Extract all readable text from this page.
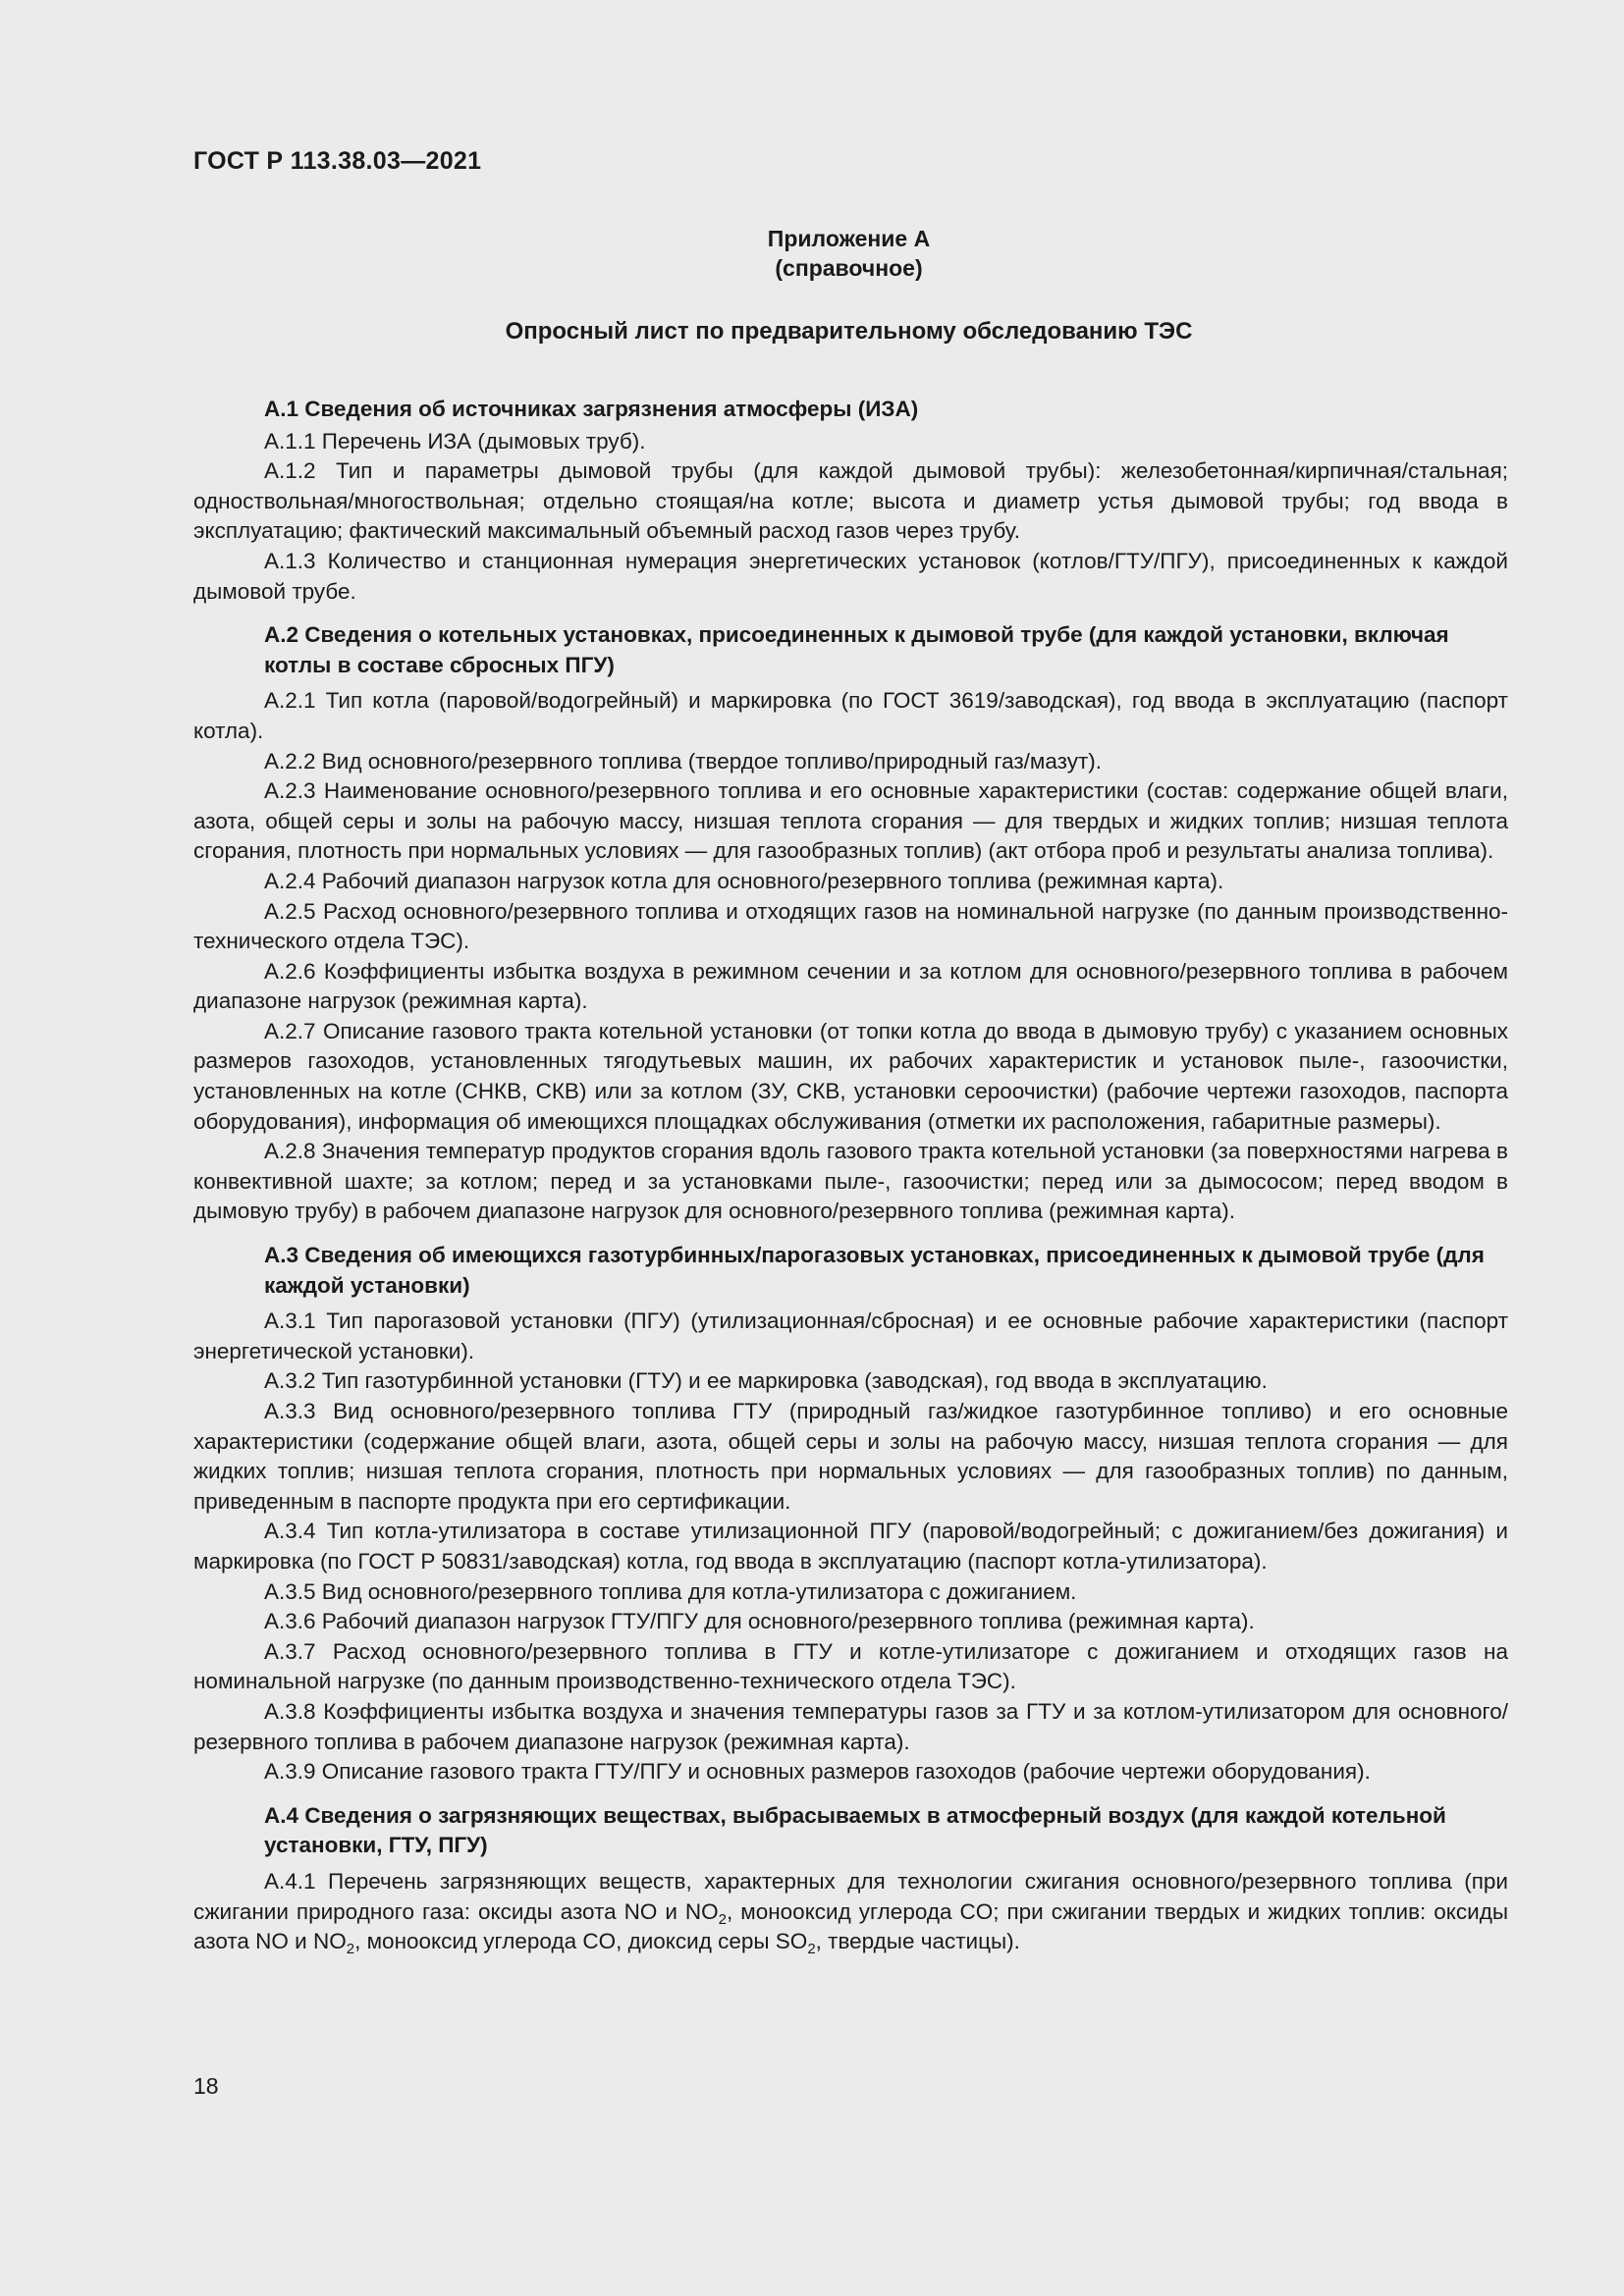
ГОСТ Р 113.38.03—2021
Приложение А
(справочное)
Опросный лист по предварительному обследованию ТЭС
А.1 Сведения об источниках загрязнения атмосферы (ИЗА)

А.1.1 Перечень ИЗА (дымовых труб).

А.1.2 Тип и параметры дымовой трубы (для каждой дымовой трубы): железобетонная/кирпичная/стальная; одноствольная/многоствольная; отдельно стоящая/на котле; высота и диаметр устья дымовой трубы; год ввода в эксплуатацию; фактический максимальный объемный расход газов через трубу.

А.1.3 Количество и станционная нумерация энергетических установок (котлов/ГТУ/ПГУ), присоединенных к каждой дымовой трубе.

А.2 Сведения о котельных установках, присоединенных к дымовой трубе (для каждой установки, включая котлы в составе сбросных ПГУ)

А.2.1 Тип котла (паровой/водогрейный) и маркировка (по ГОСТ 3619/заводская), год ввода в эксплуатацию (паспорт котла).

А.2.2 Вид основного/резервного топлива (твердое топливо/природный газ/мазут).

А.2.3 Наименование основного/резервного топлива и его основные характеристики (состав: содержание общей влаги, азота, общей серы и золы на рабочую массу, низшая теплота сгорания — для твердых и жидких топлив; низшая теплота сгорания, плотность при нормальных условиях — для газообразных топлив) (акт отбора проб и результаты анализа топлива).

А.2.4 Рабочий диапазон нагрузок котла для основного/резервного топлива (режимная карта).

А.2.5 Расход основного/резервного топлива и отходящих газов на номинальной нагрузке (по данным производственно-технического отдела ТЭС).

А.2.6 Коэффициенты избытка воздуха в режимном сечении и за котлом для основного/резервного топлива в рабочем диапазоне нагрузок (режимная карта).

А.2.7 Описание газового тракта котельной установки (от топки котла до ввода в дымовую трубу) с указанием основных размеров газоходов, установленных тягодутьевых машин, их рабочих характеристик и установок пыле-, газоочистки, установленных на котле (СНКВ, СКВ) или за котлом (ЗУ, СКВ, установки сероочистки) (рабочие чертежи газоходов, паспорта оборудования), информация об имеющихся площадках обслуживания (отметки их расположения, габаритные размеры).

А.2.8 Значения температур продуктов сгорания вдоль газового тракта котельной установки (за поверхностями нагрева в конвективной шахте; за котлом; перед и за установками пыле-, газоочистки; перед или за дымососом; перед вводом в дымовую трубу) в рабочем диапазоне нагрузок для основного/резервного топлива (режимная карта).

А.3 Сведения об имеющихся газотурбинных/парогазовых установках, присоединенных к дымовой трубе (для каждой установки)

А.3.1 Тип парогазовой установки (ПГУ) (утилизационная/сбросная) и ее основные рабочие характеристики (паспорт энергетической установки).

А.3.2 Тип газотурбинной установки (ГТУ) и ее маркировка (заводская), год ввода в эксплуатацию.

А.3.3 Вид основного/резервного топлива ГТУ (природный газ/жидкое газотурбинное топливо) и его основные характеристики (содержание общей влаги, азота, общей серы и золы на рабочую массу, низшая теплота сгорания — для жидких топлив; низшая теплота сгорания, плотность при нормальных условиях — для газообразных топлив) по данным, приведенным в паспорте продукта при его сертификации.

А.3.4 Тип котла-утилизатора в составе утилизационной ПГУ (паровой/водогрейный; с дожиганием/без дожигания) и маркировка (по ГОСТ Р 50831/заводская) котла, год ввода в эксплуатацию (паспорт котла-утилизатора).

А.3.5 Вид основного/резервного топлива для котла-утилизатора с дожиганием.

А.3.6 Рабочий диапазон нагрузок ГТУ/ПГУ для основного/резервного топлива (режимная карта).

А.3.7 Расход основного/резервного топлива в ГТУ и котле-утилизаторе с дожиганием и отходящих газов на номинальной нагрузке (по данным производственно-технического отдела ТЭС).

А.3.8 Коэффициенты избытка воздуха и значения температуры газов за ГТУ и за котлом-утилизатором для основного/резервного топлива в рабочем диапазоне нагрузок (режимная карта).

А.3.9 Описание газового тракта ГТУ/ПГУ и основных размеров газоходов (рабочие чертежи оборудования).

А.4 Сведения о загрязняющих веществах, выбрасываемых в атмосферный воздух (для каждой котельной установки, ГТУ, ПГУ)

А.4.1 Перечень загрязняющих веществ, характерных для технологии сжигания основного/резервного топлива (при сжигании природного газа: оксиды азота NO и $NO_2$, монооксид углерода CO; при сжигании твердых и жидких топлив: оксиды азота NO и $NO_2$, монооксид углерода CO, диоксид серы $SO_2$, твердые частицы).

18
